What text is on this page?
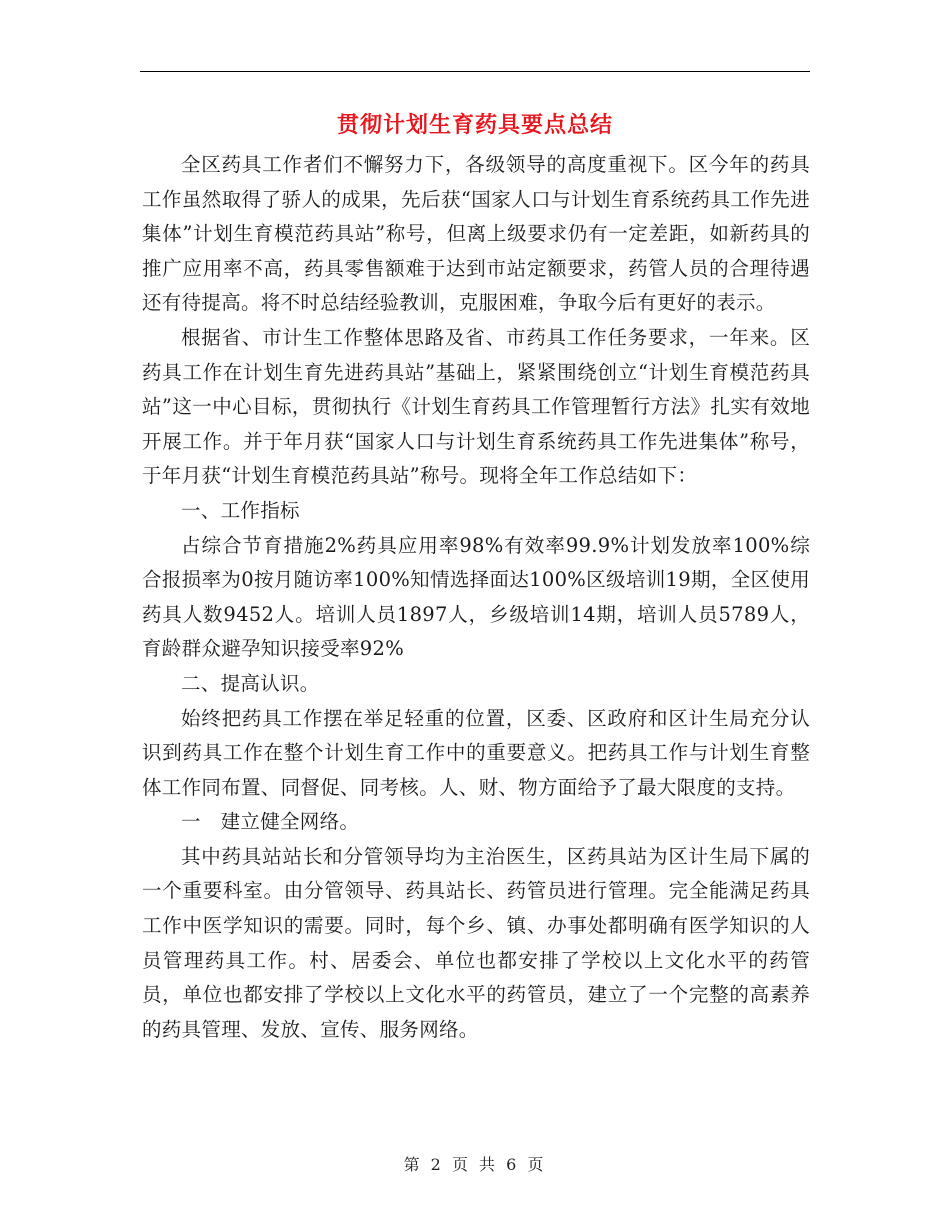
贯彻计划生育药具要点总结

全区药具工作者们不懈努力下，各级领导的高度重视下。区今年的药具工作虽然取得了骄人的成果，先后获“国家人口与计划生育系统药具工作先进集体”计划生育模范药具站”称号，但离上级要求仍有一定差距，如新药具的推广应用率不高，药具零售额难于达到市站定额要求，药管人员的合理待遇还有待提高。将不时总结经验教训，克服困难，争取今后有更好的表示。

根据省、市计生工作整体思路及省、市药具工作任务要求，一年来。区药具工作在计划生育先进药具站”基础上，紧紧围绕创立“计划生育模范药具站”这一中心目标，贯彻执行《计划生育药具工作管理暂行方法》扎实有效地开展工作。并于年月获“国家人口与计划生育系统药具工作先进集体”称号，于年月获“计划生育模范药具站”称号。现将全年工作总结如下：

一、工作指标

占综合节育措施2%药具应用率98%有效率99.9%计划发放率100%综合报损率为0按月随访率100%知情选择面达100%区级培训19期，全区使用药具人数9452人。培训人员1897人，乡级培训14期，培训人员5789人，育龄群众避孕知识接受率92%

二、提高认识。

始终把药具工作摆在举足轻重的位置，区委、区政府和区计生局充分认识到药具工作在整个计划生育工作中的重要意义。把药具工作与计划生育整体工作同布置、同督促、同考核。人、财、物方面给予了最大限度的支持。

一　建立健全网络。

其中药具站站长和分管领导均为主治医生，区药具站为区计生局下属的一个重要科室。由分管领导、药具站长、药管员进行管理。完全能满足药具工作中医学知识的需要。同时，每个乡、镇、办事处都明确有医学知识的人员管理药具工作。村、居委会、单位也都安排了学校以上文化水平的药管员，单位也都安排了学校以上文化水平的药管员，建立了一个完整的高素养的药具管理、发放、宣传、服务网络。

第 2 页 共 6 页
